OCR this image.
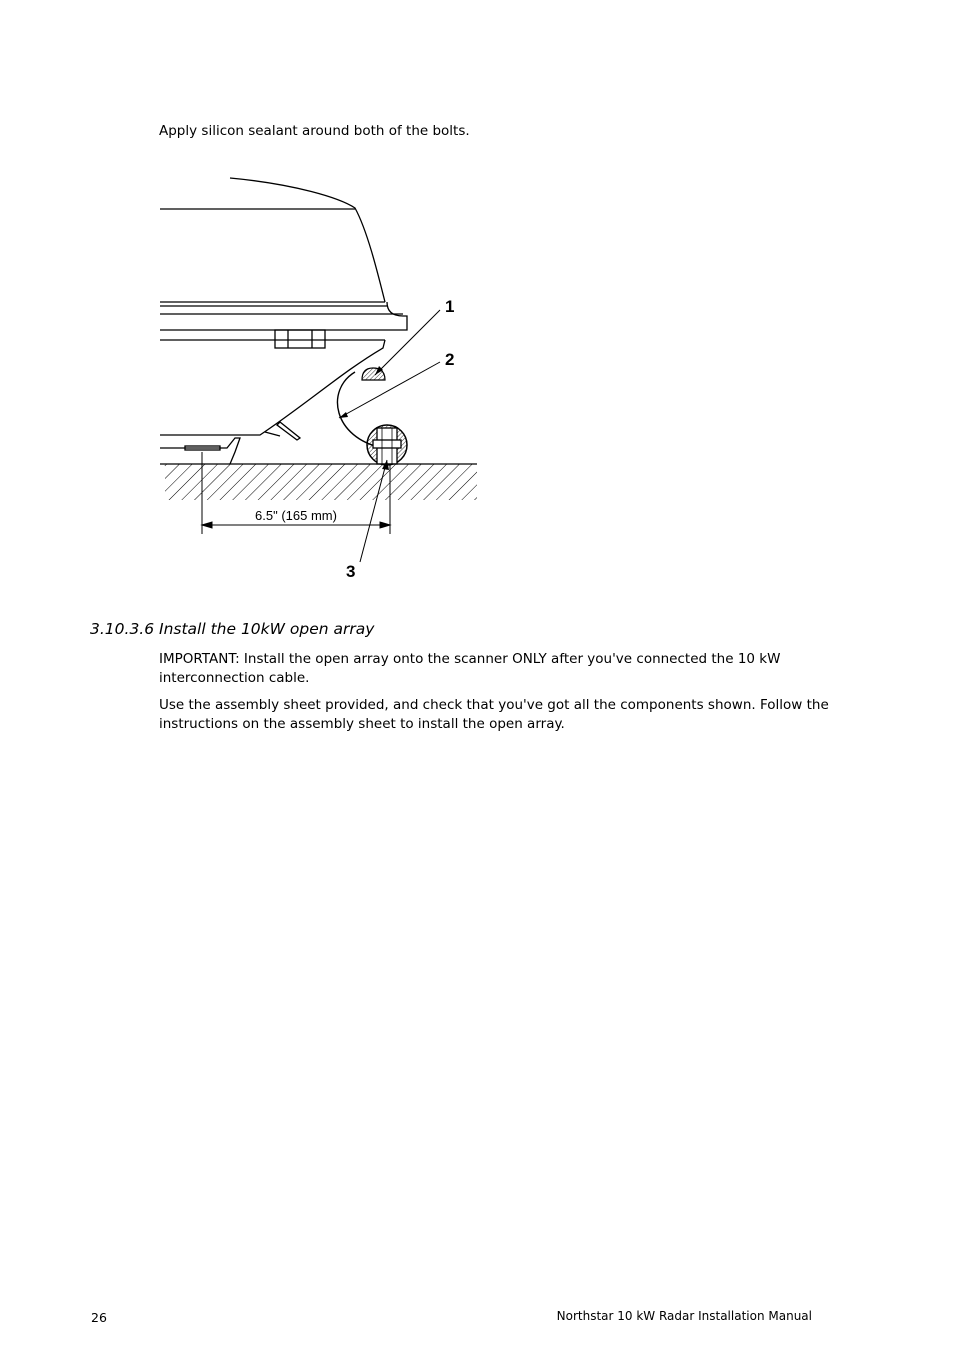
Apply silicon sealant around both of the bolts.
6.5" (165 mm)
1
2
3
3.10.3.6 Install the 10kW open array
IMPORTANT: Install the open array onto the scanner ONLY after you've connected the 10 kW interconnection cable.
Use the assembly sheet provided, and check that you've got all the components shown. Follow the instructions on the assembly sheet to install the open array.
26	Northstar 10 kW Radar Installation Manual
